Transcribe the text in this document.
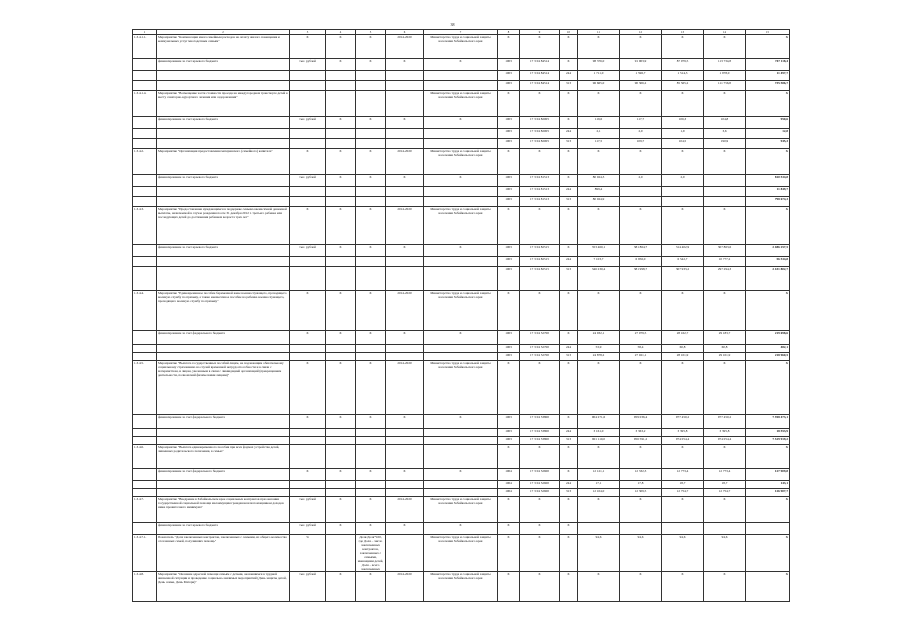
38
1	2	3	4	5	6	7	8	9	10	11	12	13	14	15
1.3.4.1.1.	Мероприятие "Компенсация многосемейным расходов на оплату жилого помещения и коммунальных услуг многодетным семьям"	X	X	X	2014-2020	Министерство труда и социальной защиты населения Забайкальского края	X	X	X	X	X	X	X	X
	финансирование за счет краевого бюджета	тыс. рублей	X	X	X	X	1003	17 3 04 84514	X	98 376,0	91 903,9	87 079,5	113 734,8	747 118,4
							1003	17 3 04 84514	244	1 711,0	1 596,7	1 514,3	1 978,0	11 497,7
							1003	17 3 04 84514	313	96 665,0	90 306,2	85 565,2	111 756,8	735 586,7
1.3.4.1.4.	Мероприятие "Возмещение части стоимости проезда на междугородном транспорте детей к месту санаторно-курортного лечения или оздоровления"					Министерство труда и социальной защиты населения Забайкальского края	X	X	X	X	X	X	X	X
	финансирование за счет краевого бюджета	тыс. рублей	X	X	X	X	1003	17 3 04 82005	X	119,6	117,7	106,3	104,8	950,6
							1003	17 3 04 82005	244	2,1	2,0	1,9	3,6	12,8
							1003	17 3 04 82005	313	117,5	109,7	104,5	190,9	945,3
1.3.4.2.	Мероприятие "Организация предоставления материнского (семейного) капитала"	X	X	X	2014-2020	Министерство труда и социальной защиты населения Забайкальского края	X	X	X	X	X	X	X	X
	финансирование за счет краевого бюджета	тыс. рублей	X	X	X	X	1003	17 3 04 81513	X	80 024,3	2,0	2,0		810 534,8
							1003	17 3 04 81513	244	899,4				11 849,7
							1003	17 3 04 81513	313	80 024,9				798 674,3
1.3.4.3.	Мероприятие "Предоставление нуждающимся в поддержке семьям ежемесячной денежной выплаты, назначаемой в случае рождения после 31 декабря 2012 г. третьего ребенка или последующих детей до достижения ребенком возраста трех лет"	X	X	X	2014-2020	Министерство труда и социальной защиты населения Забайкальского края	X	X	X	X	X	X	X	X
	финансирование за счет краевого бюджета	тыс. рублей	X	X	X	X	1003	17 3 04 82515	X	353 460,1	381 864,7	314 402,9	307 863,6	2 486 257,5
							1003	17 3 04 82515	244	7 103,7	6 956,0	6 542,7	10 777,2	56 534,8
							1003	17 3 04 82515	313	346 230,4	381 998,7	307 933,2	297 294,3	2 431 802,7
1.3.4.4.	Мероприятие "Единовременное пособие беременной жене военнослужащего, проходящего военную службу по призыву, а также ежемесячное пособие на ребенка военнослужащего, проходящего военную службу по призыву"	X	X	X	2014-2020	Министерство труда и социальной защиты населения Забайкальского края	X	X	X	X	X	X	X	X
	финансирование за счет федерального бюджета	X	X	X	X	X	1003	17 3 04 52700	X	24 932,1	27 079,5	28 162,7	29 183,7	219 698,6
							1003	17 3 04 52700	244	53,9	58,4	60,8	60,8	482,1
							1003	17 3 04 52700	313	24 878,2	27 021,1	28 101,9	29 101,9	218 960,5
1.3.4.5.	Мероприятие "Выплата государственных пособий лицам, не подлежащим обязательному социальному страхованию на случай временной нетрудоспособности и в связи с материнством, и лицам, уволенным в связи с ликвидацией организаций (прекращением деятельности, полномочий физическими лицами)"	X	X	X	2014-2020	Министерство труда и социальной защиты населения Забайкальского края	X	X	X	X	X	X	X	X
	финансирование за счет федерального бюджета	X	X	X	X	X	1003	17 3 04 53800	X	904 271,6	959 036,4	977 450,2	977 450,2	7 398 473,1
							1003	17 3 04 53800	244	3 161,0	3 363,2	3 395,8	3 395,8	18 553,9
							1003	17 3 04 53800	313	901 110,0	956 591,2	974 054,4	974 054,4	7 329 919,2
1.3.4.6.	Мероприятие "Выплата единовременного пособия при всех формах устройства детей, лишенных родительского попечения, в семью"						X	X	X	X	X	X	X	X
	финансирование за счет федерального бюджета	X	X	X	X	X	1004	17 3 04 52600	X	12 121,1	12 332,3	12 773,4	12 773,4	127 909,8
							1004	17 3 04 52600	244	17,1	17,8	18,7	18,7	143,1
							1004	17 3 04 52600	313	12 104,0	12 309,5	12 754,7	12 754,7	126 907,7
1.3.4.7.	Мероприятие "Внедрение в Забайкальском крае социальных контрактов при оказании государственной социальной помощи малоимущим гражданам или помощником доходов ниже прожиточного минимума"	тыс. рублей	X	X	2014-2020	Министерство труда и социальной защиты населения Забайкальского края	X	X	X	X	X	X	X	X
	финансирование за счет краевого бюджета	тыс. рублей	X	X	X	X	X	X	X					
1.3.4.7.1.	Показатель "Доля заключенных контрактов, заключенных с семьями, из общего количества отселенных семей, получивших помощь"	%		Доля/Доля*100, где Доля – число заключенных контрактов, заключенных с семьями, имеющими детей, Доля – всего заключенных		Министерство труда и социальной защиты населения Забайкальского края	X	X	X	94,6	94,6	94,6	94,6	X
1.3.4.8.	Мероприятие "Оказание адресной помощи семьям с детьми, оказавшимся в трудной жизненной ситуации и проведение социально-значимых мероприятий (День защиты детей, День семьи, День Матери)"	тыс. рублей	X	X	2014-2020	Министерство труда и социальной защиты населения Забайкальского края	X	X	X	X	X	X	X	X
